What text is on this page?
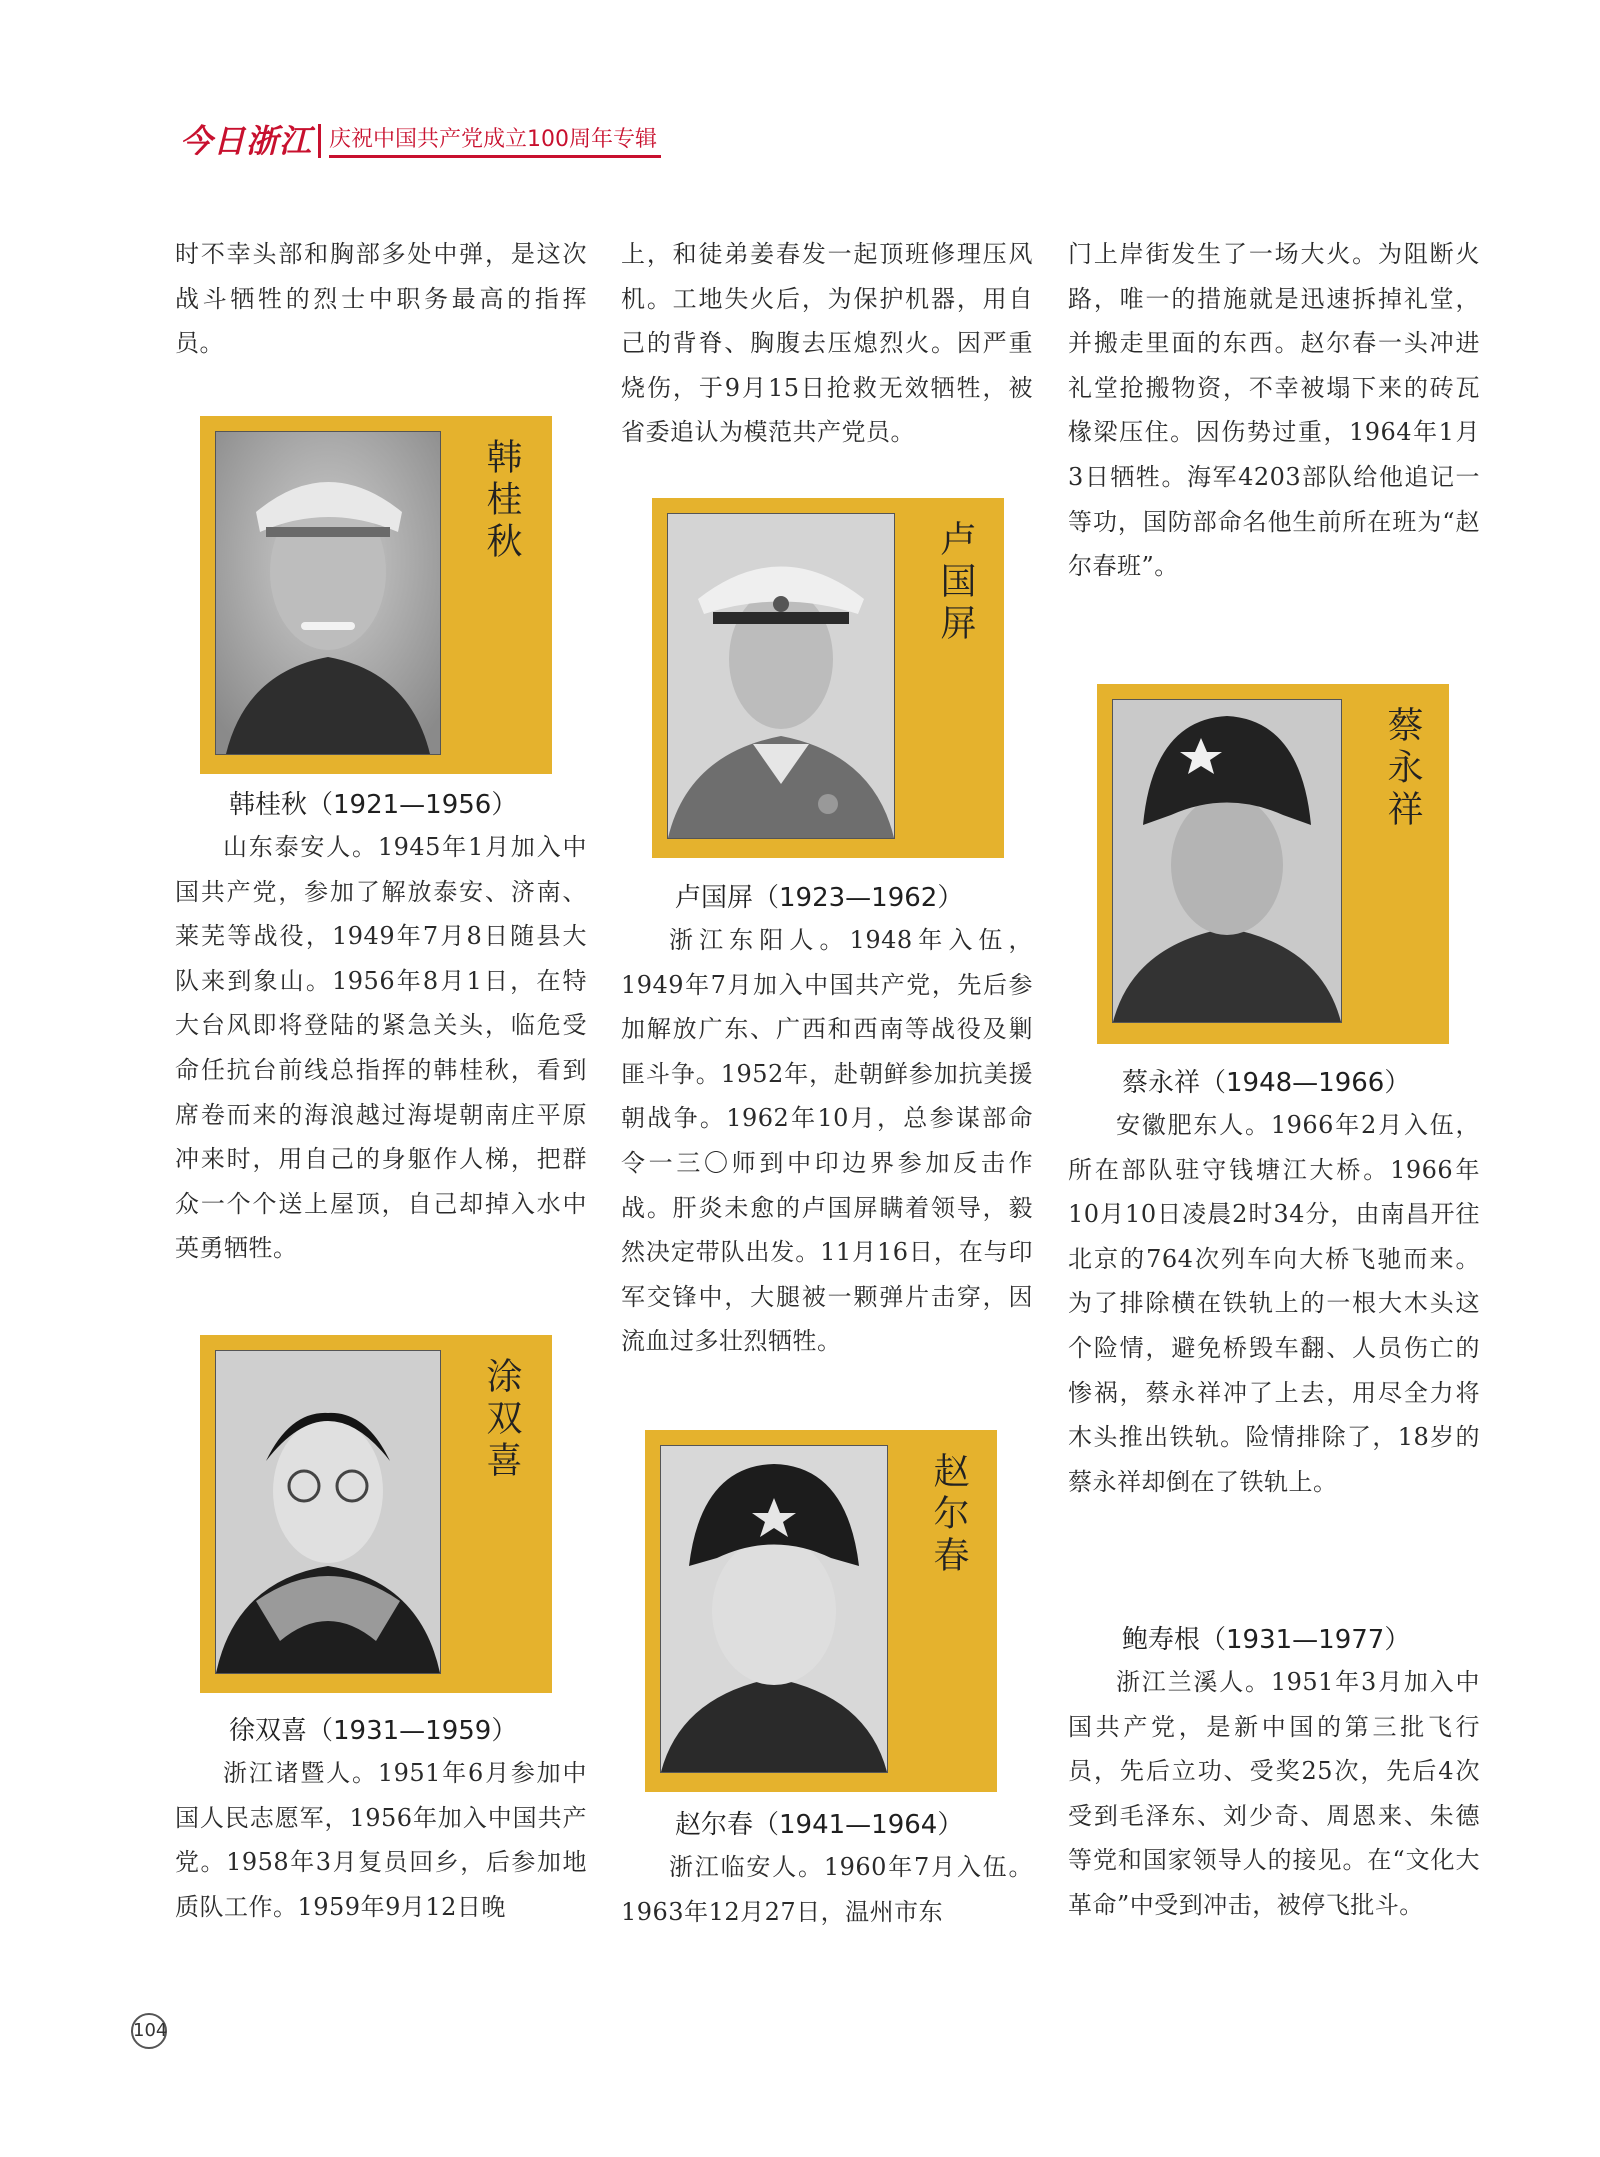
今日浙江 庆祝中国共产党成立100周年专辑

时不幸头部和胸部多处中弹，是这次战斗牺牲的烈士中职务最高的指挥员。

韩桂秋

韩桂秋（1921—1956）

山东泰安人。1945年1月加入中国共产党，参加了解放泰安、济南、莱芜等战役，1949年7月8日随县大队来到象山。1956年8月1日，在特大台风即将登陆的紧急关头，临危受命任抗台前线总指挥的韩桂秋，看到席卷而来的海浪越过海堤朝南庄平原冲来时，用自己的身躯作人梯，把群众一个个送上屋顶，自己却掉入水中英勇牺牲。

涂双喜

徐双喜（1931—1959）

浙江诸暨人。1951年6月参加中国人民志愿军，1956年加入中国共产党。1958年3月复员回乡，后参加地质队工作。1959年9月12日晚

上，和徒弟姜春发一起顶班修理压风机。工地失火后，为保护机器，用自己的背脊、胸腹去压熄烈火。因严重烧伤，于9月15日抢救无效牺牲，被省委追认为模范共产党员。

卢国屏

卢国屏（1923—1962）

浙江东阳人。1948年入伍，1949年7月加入中国共产党，先后参加解放广东、广西和西南等战役及剿匪斗争。1952年，赴朝鲜参加抗美援朝战争。1962年10月，总参谋部命令一三〇师到中印边界参加反击作战。肝炎未愈的卢国屏瞒着领导，毅然决定带队出发。11月16日，在与印军交锋中，大腿被一颗弹片击穿，因流血过多壮烈牺牲。

赵尔春

赵尔春（1941—1964）

浙江临安人。1960年7月入伍。1963年12月27日，温州市东

门上岸街发生了一场大火。为阻断火路，唯一的措施就是迅速拆掉礼堂，并搬走里面的东西。赵尔春一头冲进礼堂抢搬物资，不幸被塌下来的砖瓦椽梁压住。因伤势过重，1964年1月3日牺牲。海军4203部队给他追记一等功，国防部命名他生前所在班为“赵尔春班”。

蔡永祥

蔡永祥（1948—1966）

安徽肥东人。1966年2月入伍，所在部队驻守钱塘江大桥。1966年10月10日凌晨2时34分，由南昌开往北京的764次列车向大桥飞驰而来。为了排除横在铁轨上的一根大木头这个险情，避免桥毁车翻、人员伤亡的惨祸，蔡永祥冲了上去，用尽全力将木头推出铁轨。险情排除了，18岁的蔡永祥却倒在了铁轨上。

鲍寿根（1931—1977）

浙江兰溪人。1951年3月加入中国共产党，是新中国的第三批飞行员，先后立功、受奖25次，先后4次受到毛泽东、刘少奇、周恩来、朱德等党和国家领导人的接见。在“文化大革命”中受到冲击，被停飞批斗。

104
